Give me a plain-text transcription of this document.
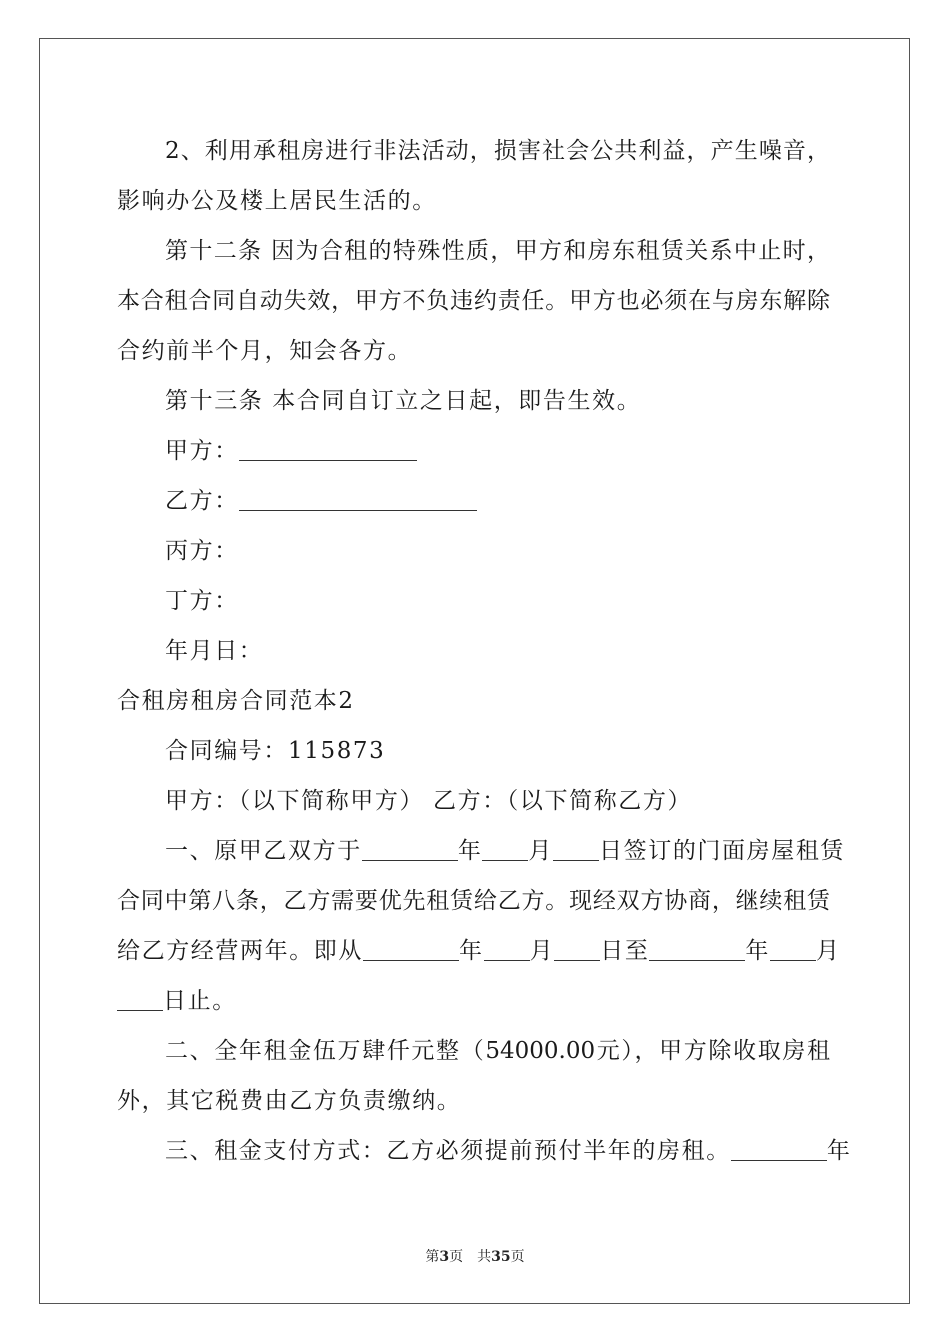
2、利用承租房进行非法活动，损害社会公共利益，产生噪音，
影响办公及楼上居民生活的。
第十二条 因为合租的特殊性质，甲方和房东租赁关系中止时，
本合租合同自动失效，甲方不负违约责任。甲方也必须在与房东解除
合约前半个月，知会各方。
第十三条 本合同自订立之日起，即告生效。
甲方：
乙方：
丙方：
丁方：
年月日：
合租房租房合同范本2
合同编号：115873
甲方：（以下简称甲方） 乙方：（以下简称乙方）
一、原甲乙双方于	年 月 日签订的门面房屋租赁
合同中第八条，乙方需要优先租赁给乙方。现经双方协商，继续租赁
给乙方经营两年。即从	年 月 日至	年 月
日止。
二、全年租金伍万肆仟元整（54000.00元），甲方除收取房租
外，其它税费由乙方负责缴纳。
三、租金支付方式：乙方必须提前预付半年的房租。	年
第3页　共35页
